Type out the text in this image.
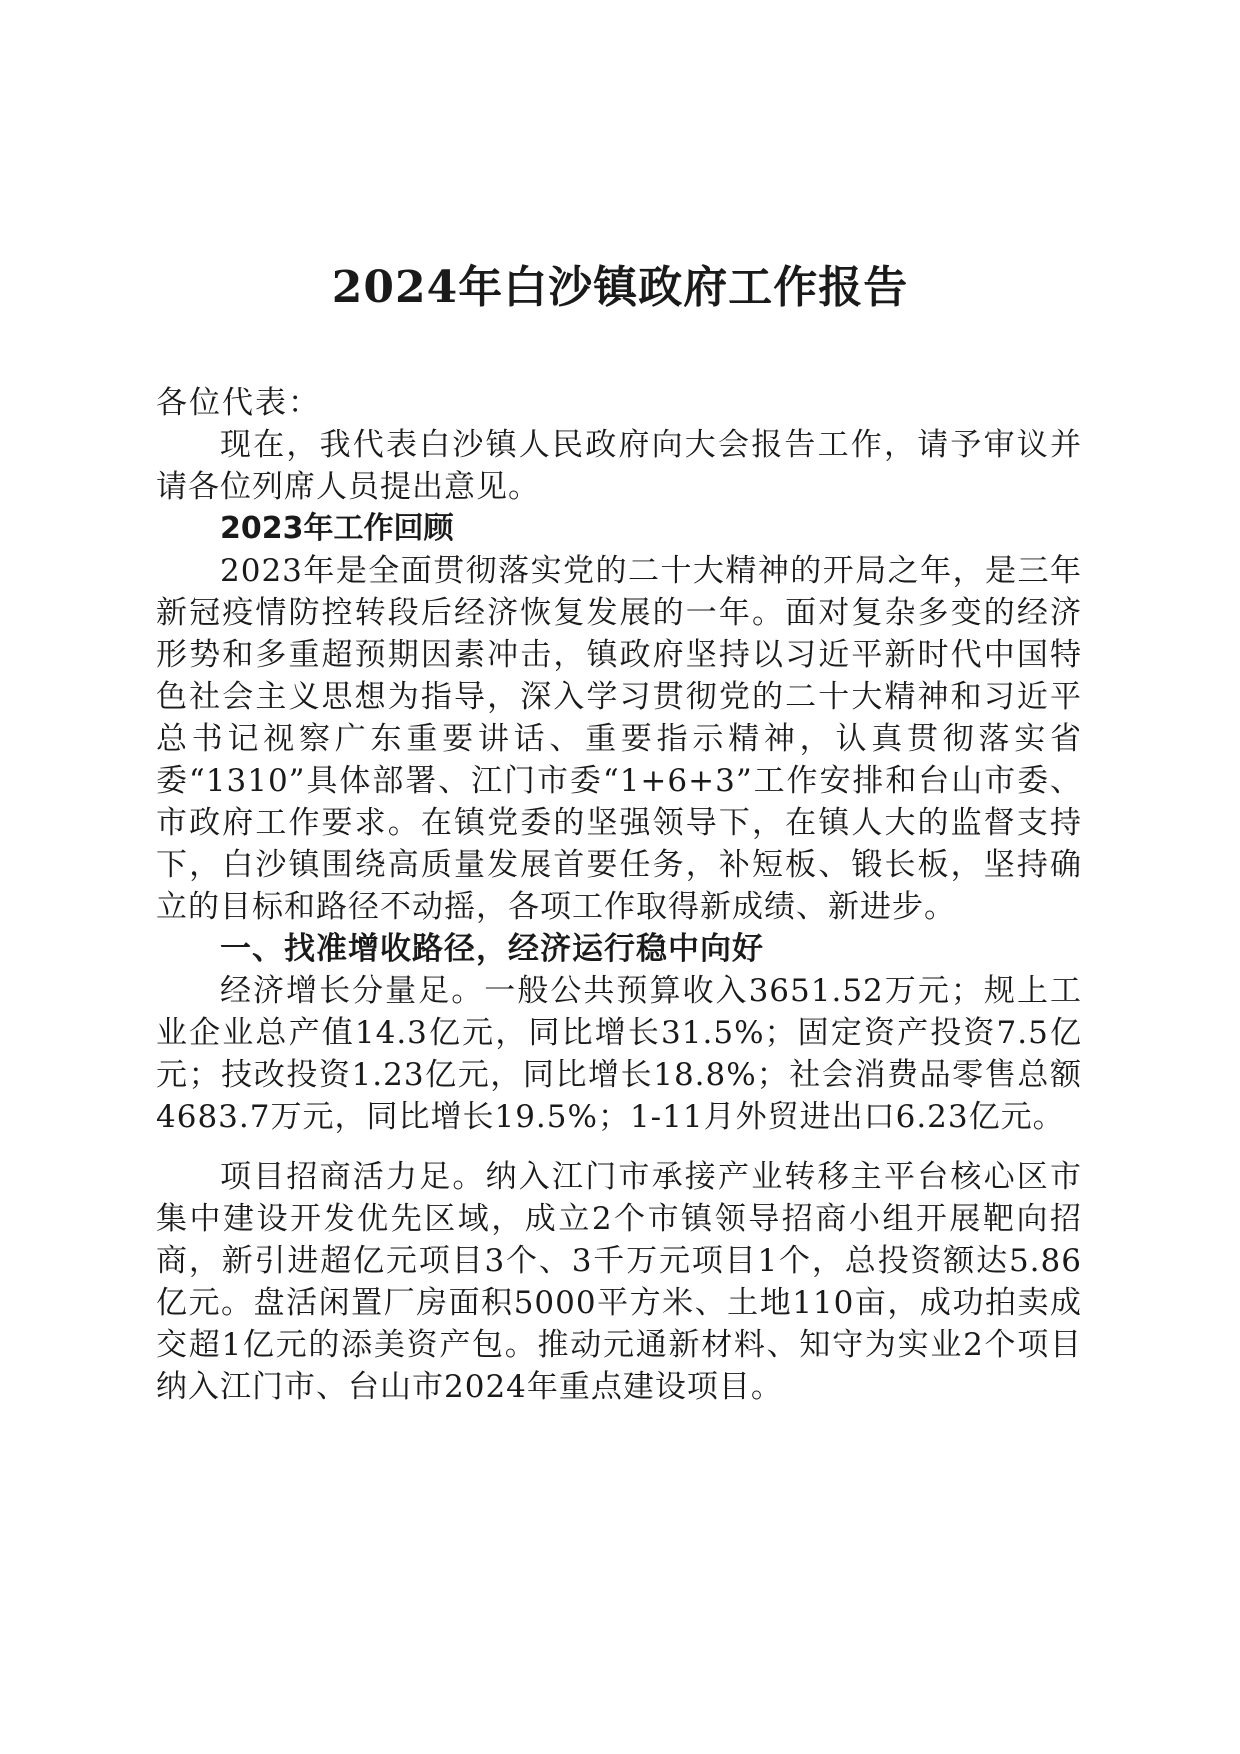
2024年白沙镇政府工作报告

各位代表：

现在，我代表白沙镇人民政府向大会报告工作，请予审议并请各位列席人员提出意见。

2023年工作回顾

2023年是全面贯彻落实党的二十大精神的开局之年，是三年新冠疫情防控转段后经济恢复发展的一年。面对复杂多变的经济形势和多重超预期因素冲击，镇政府坚持以习近平新时代中国特色社会主义思想为指导，深入学习贯彻党的二十大精神和习近平总书记视察广东重要讲话、重要指示精神，认真贯彻落实省委“1310”具体部署、江门市委“1+6+3”工作安排和台山市委、市政府工作要求。在镇党委的坚强领导下，在镇人大的监督支持下，白沙镇围绕高质量发展首要任务，补短板、锻长板，坚持确立的目标和路径不动摇，各项工作取得新成绩、新进步。

一、找准增收路径，经济运行稳中向好

经济增长分量足。一般公共预算收入3651.52万元；规上工业企业总产值14.3亿元，同比增长31.5%；固定资产投资7.5亿元；技改投资1.23亿元，同比增长18.8%；社会消费品零售总额4683.7万元，同比增长19.5%；1-11月外贸进出口6.23亿元。

项目招商活力足。纳入江门市承接产业转移主平台核心区市集中建设开发优先区域，成立2个市镇领导招商小组开展靶向招商，新引进超亿元项目3个、3千万元项目1个，总投资额达5.86亿元。盘活闲置厂房面积5000平方米、土地110亩，成功拍卖成交超1亿元的添美资产包。推动元通新材料、知守为实业2个项目纳入江门市、台山市2024年重点建设项目。
